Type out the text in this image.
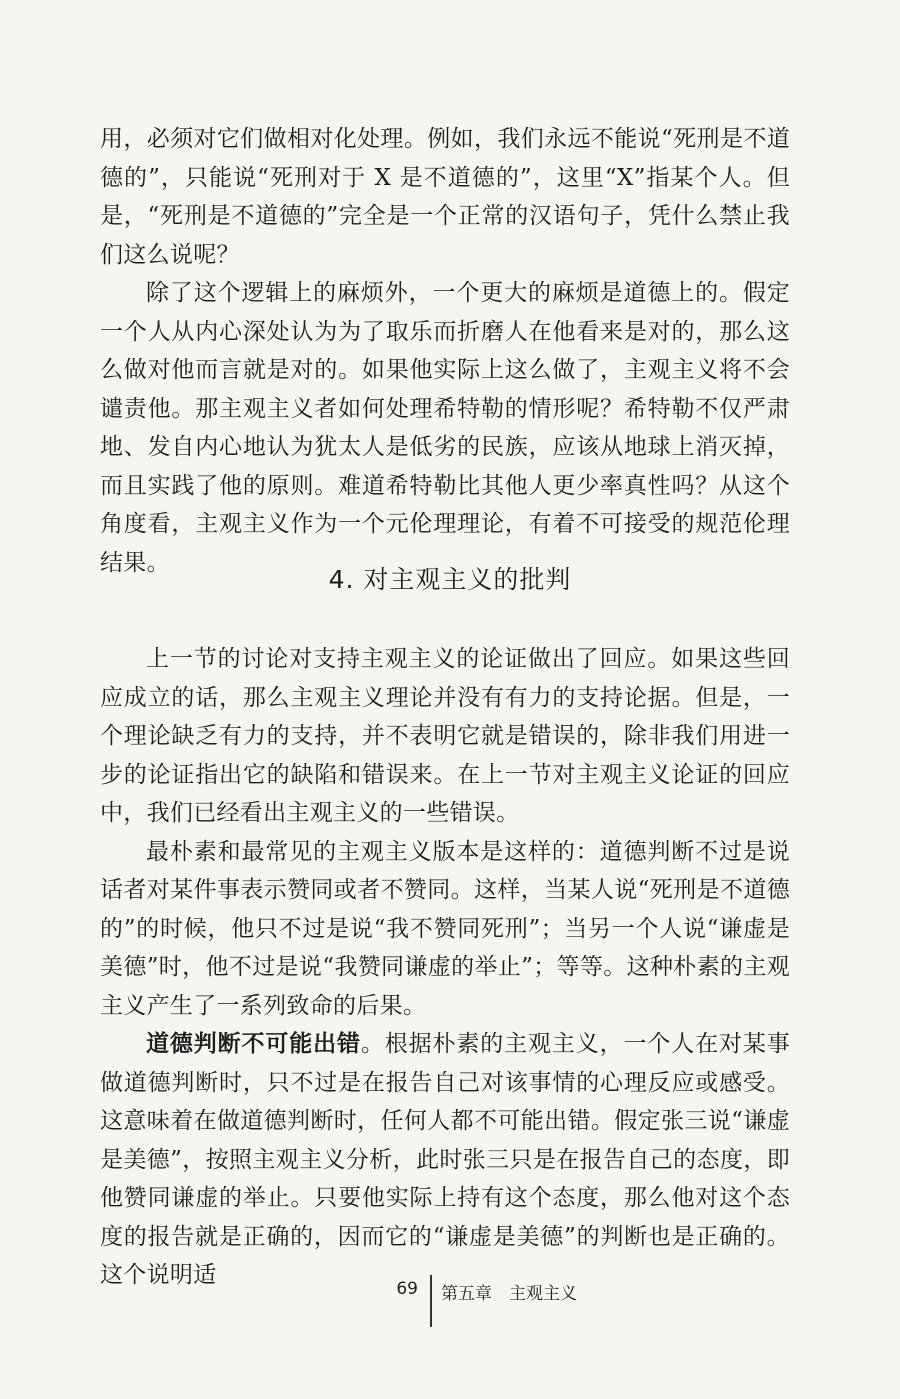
用，必须对它们做相对化处理。例如，我们永远不能说“死刑是不道德的”，只能说“死刑对于 X 是不道德的”，这里“X”指某个人。但是，“死刑是不道德的”完全是一个正常的汉语句子，凭什么禁止我们这么说呢？

除了这个逻辑上的麻烦外，一个更大的麻烦是道德上的。假定一个人从内心深处认为为了取乐而折磨人在他看来是对的，那么这么做对他而言就是对的。如果他实际上这么做了，主观主义将不会谴责他。那主观主义者如何处理希特勒的情形呢？希特勒不仅严肃地、发自内心地认为犹太人是低劣的民族，应该从地球上消灭掉，而且实践了他的原则。难道希特勒比其他人更少率真性吗？从这个角度看，主观主义作为一个元伦理理论，有着不可接受的规范伦理结果。

4. 对主观主义的批判

上一节的讨论对支持主观主义的论证做出了回应。如果这些回应成立的话，那么主观主义理论并没有有力的支持论据。但是，一个理论缺乏有力的支持，并不表明它就是错误的，除非我们用进一步的论证指出它的缺陷和错误来。在上一节对主观主义论证的回应中，我们已经看出主观主义的一些错误。

最朴素和最常见的主观主义版本是这样的：道德判断不过是说话者对某件事表示赞同或者不赞同。这样，当某人说“死刑是不道德的”的时候，他只不过是说“我不赞同死刑”；当另一个人说“谦虚是美德”时，他不过是说“我赞同谦虚的举止”；等等。这种朴素的主观主义产生了一系列致命的后果。

道德判断不可能出错。根据朴素的主观主义，一个人在对某事做道德判断时，只不过是在报告自己对该事情的心理反应或感受。这意味着在做道德判断时，任何人都不可能出错。假定张三说“谦虚是美德”，按照主观主义分析，此时张三只是在报告自己的态度，即他赞同谦虚的举止。只要他实际上持有这个态度，那么他对这个态度的报告就是正确的，因而它的“谦虚是美德”的判断也是正确的。这个说明适

69 第五章　主观主义
